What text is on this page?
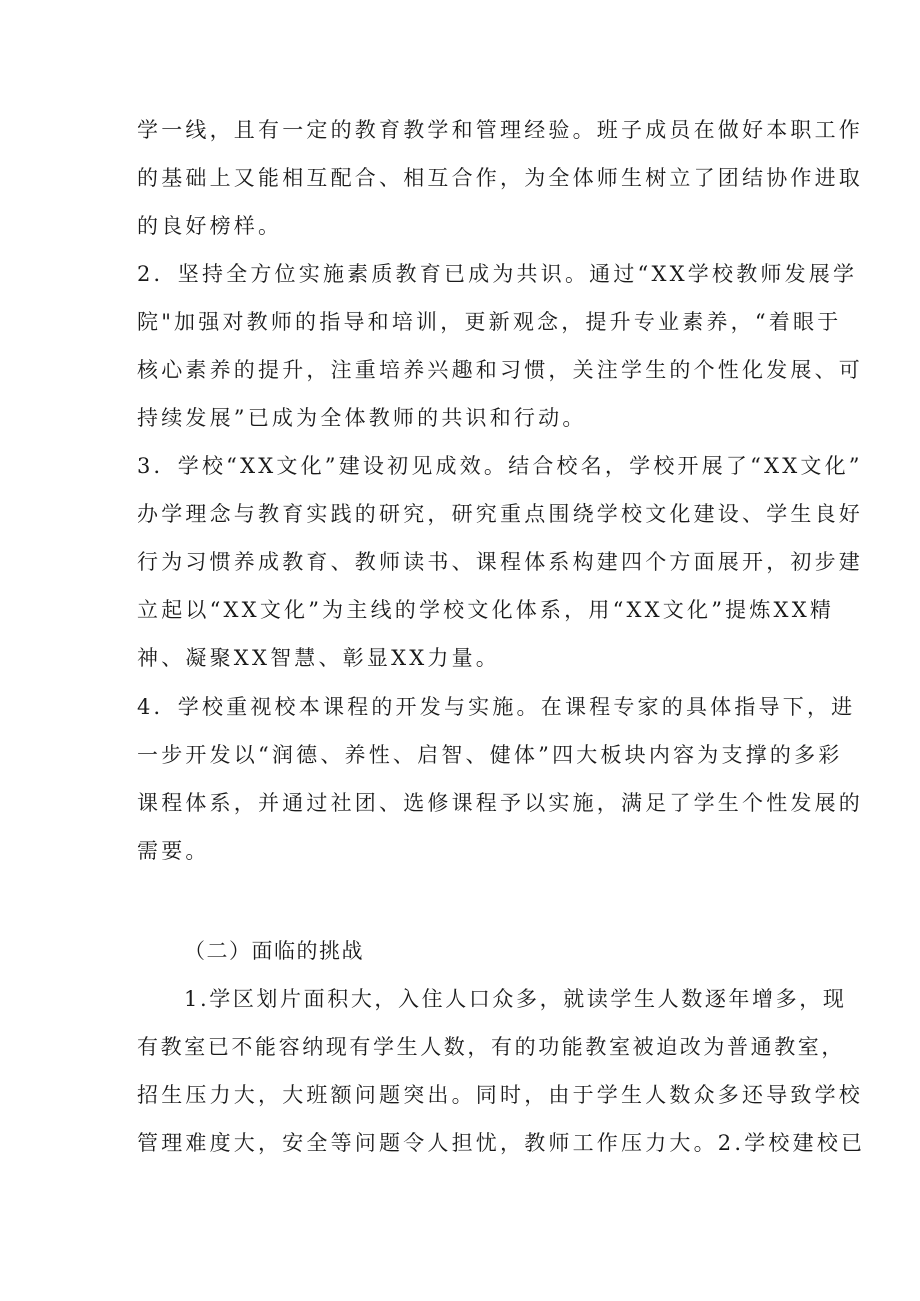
学一线，且有一定的教育教学和管理经验。班子成员在做好本职工作
的基础上又能相互配合、相互合作，为全体师生树立了团结协作进取
的良好榜样。
2．坚持全方位实施素质教育已成为共识。通过“XX学校教师发展学
院"加强对教师的指导和培训，更新观念，提升专业素养，“着眼于
核心素养的提升，注重培养兴趣和习惯，关注学生的个性化发展、可
持续发展”已成为全体教师的共识和行动。
3．学校“XX文化”建设初见成效。结合校名，学校开展了“XX文化”
办学理念与教育实践的研究，研究重点围绕学校文化建设、学生良好
行为习惯养成教育、教师读书、课程体系构建四个方面展开，初步建
立起以“XX文化”为主线的学校文化体系，用“XX文化”提炼XX精
神、凝聚XX智慧、彰显XX力量。
4．学校重视校本课程的开发与实施。在课程专家的具体指导下，进
一步开发以“润德、养性、启智、健体”四大板块内容为支撑的多彩
课程体系，并通过社团、选修课程予以实施，满足了学生个性发展的
需要。
（二）面临的挑战
1.学区划片面积大，入住人口众多，就读学生人数逐年增多，现
有教室已不能容纳现有学生人数，有的功能教室被迫改为普通教室，
招生压力大，大班额问题突出。同时，由于学生人数众多还导致学校
管理难度大，安全等问题令人担忧，教师工作压力大。2.学校建校已
